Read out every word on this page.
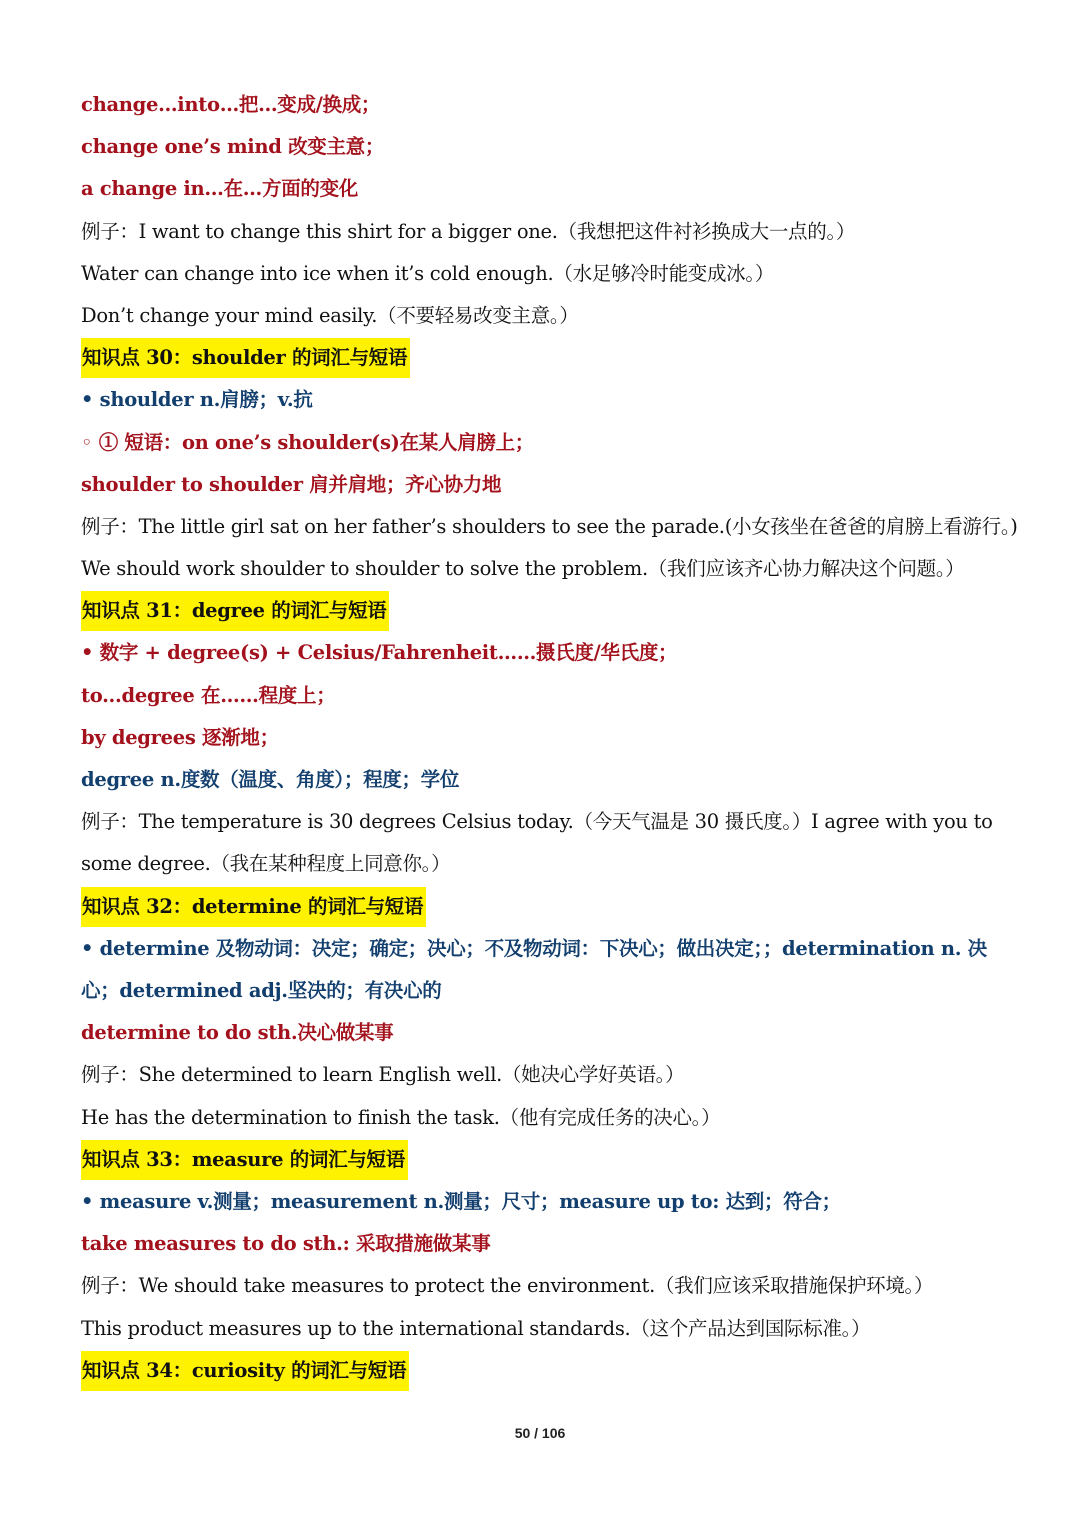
change…into…把…变成/换成；
change one’s mind 改变主意；
a change in…在…方面的变化
例子：I want to change this shirt for a bigger one.（我想把这件衬衫换成大一点的。）
Water can change into ice when it’s cold enough.（水足够冷时能变成冰。）
Don’t change your mind easily.（不要轻易改变主意。）
知识点 30：shoulder 的词汇与短语
• shoulder n.肩膀；v.抗
◦ ① 短语：on one’s shoulder(s)在某人肩膀上；
shoulder to shoulder 肩并肩地；齐心协力地
例子：The little girl sat on her father’s shoulders to see the parade.(小女孩坐在爸爸的肩膀上看游行。)
We should work shoulder to shoulder to solve the problem.（我们应该齐心协力解决这个问题。）
知识点 31：degree 的词汇与短语
• 数字 + degree(s) + Celsius/Fahrenheit……摄氏度/华氏度；
to...degree 在……程度上；
by degrees 逐渐地；
degree n.度数（温度、角度）；程度；学位
例子：The temperature is 30 degrees Celsius today.（今天气温是 30 摄氏度。）I agree with you to some degree.（我在某种程度上同意你。）
知识点 32：determine 的词汇与短语
• determine 及物动词：决定；确定；决心；不及物动词：下决心；做出决定；；determination n. 决心；determined adj.坚决的；有决心的
determine to do sth.决心做某事
例子：She determined to learn English well.（她决心学好英语。）
He has the determination to finish the task.（他有完成任务的决心。）
知识点 33：measure 的词汇与短语
• measure v.测量；measurement n.测量；尺寸；measure up to: 达到；符合；
take measures to do sth.: 采取措施做某事
例子：We should take measures to protect the environment.（我们应该采取措施保护环境。）
This product measures up to the international standards.（这个产品达到国际标准。）
知识点 34：curiosity 的词汇与短语
50 / 106
